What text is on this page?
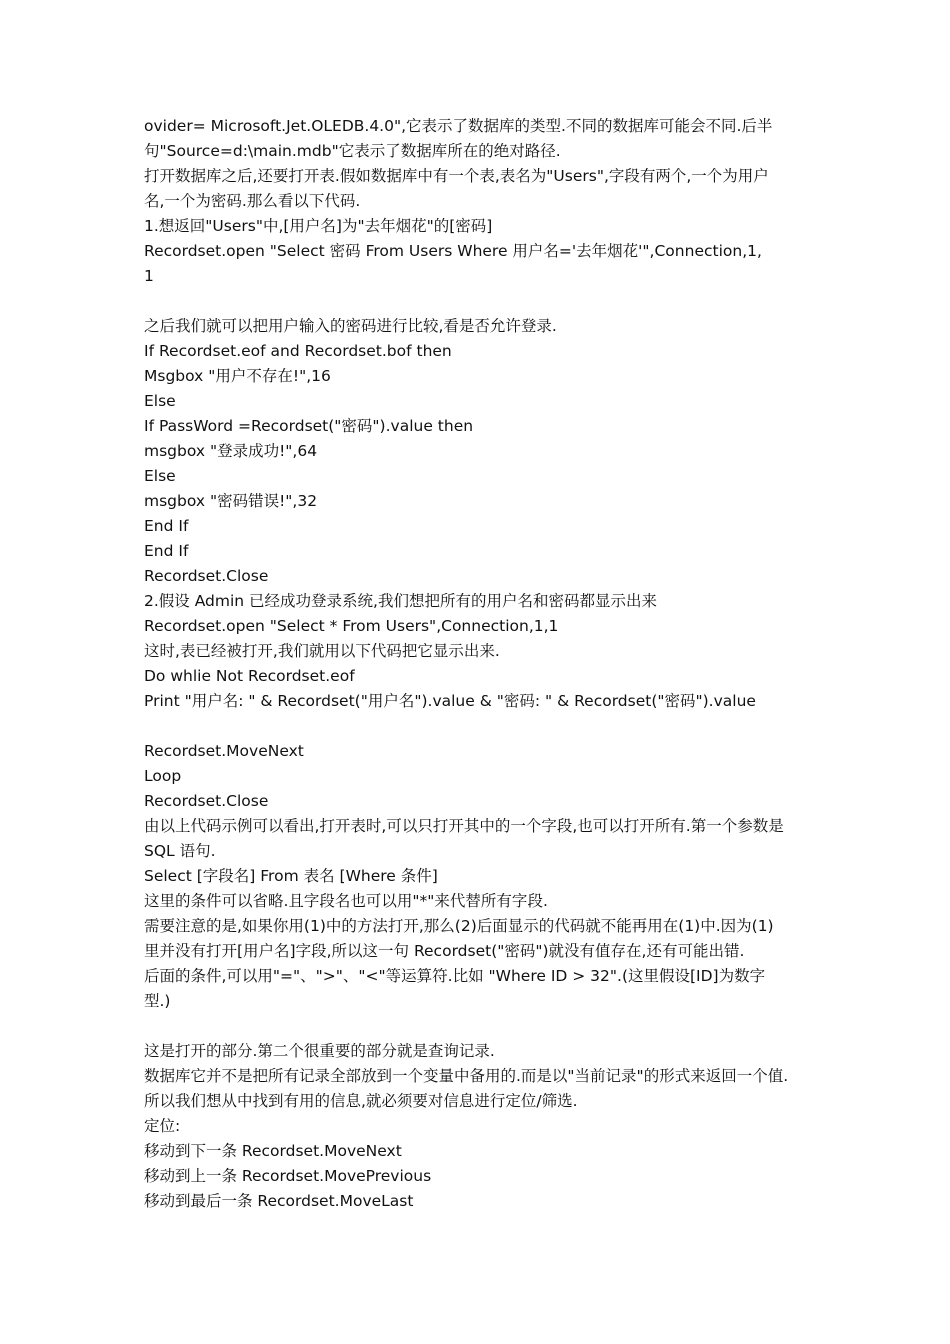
ovider= Microsoft.Jet.OLEDB.4.0",它表示了数据库的类型.不同的数据库可能会不同.后半
句"Source=d:\main.mdb"它表示了数据库所在的绝对路径.
打开数据库之后,还要打开表.假如数据库中有一个表,表名为"Users",字段有两个,一个为用户
名,一个为密码.那么看以下代码.
1.想返回"Users"中,[用户名]为"去年烟花"的[密码]
Recordset.open "Select 密码 From Users Where 用户名='去年烟花'",Connection,1,
1
之后我们就可以把用户输入的密码进行比较,看是否允许登录.
If Recordset.eof and Recordset.bof then
Msgbox "用户不存在!",16
Else
If PassWord =Recordset("密码").value then
msgbox "登录成功!",64
Else
msgbox "密码错误!",32
End If
End If
Recordset.Close
2.假设 Admin 已经成功登录系统,我们想把所有的用户名和密码都显示出来
Recordset.open "Select * From Users",Connection,1,1
这时,表已经被打开,我们就用以下代码把它显示出来.
Do whlie Not Recordset.eof
Print "用户名: " & Recordset("用户名").value & "密码: " & Recordset("密码").value
Recordset.MoveNext
Loop
Recordset.Close
由以上代码示例可以看出,打开表时,可以只打开其中的一个字段,也可以打开所有.第一个参数是
SQL 语句.
Select [字段名] From 表名 [Where 条件]
这里的条件可以省略.且字段名也可以用"*"来代替所有字段.
需要注意的是,如果你用(1)中的方法打开,那么(2)后面显示的代码就不能再用在(1)中.因为(1)
里并没有打开[用户名]字段,所以这一句 Recordset("密码")就没有值存在,还有可能出错.
后面的条件,可以用"="、">"、"<"等运算符.比如 "Where ID > 32".(这里假设[ID]为数字
型.)
这是打开的部分.第二个很重要的部分就是查询记录.
数据库它并不是把所有记录全部放到一个变量中备用的.而是以"当前记录"的形式来返回一个值.
所以我们想从中找到有用的信息,就必须要对信息进行定位/筛选.
定位:
移动到下一条 Recordset.MoveNext
移动到上一条 Recordset.MovePrevious
移动到最后一条 Recordset.MoveLast
